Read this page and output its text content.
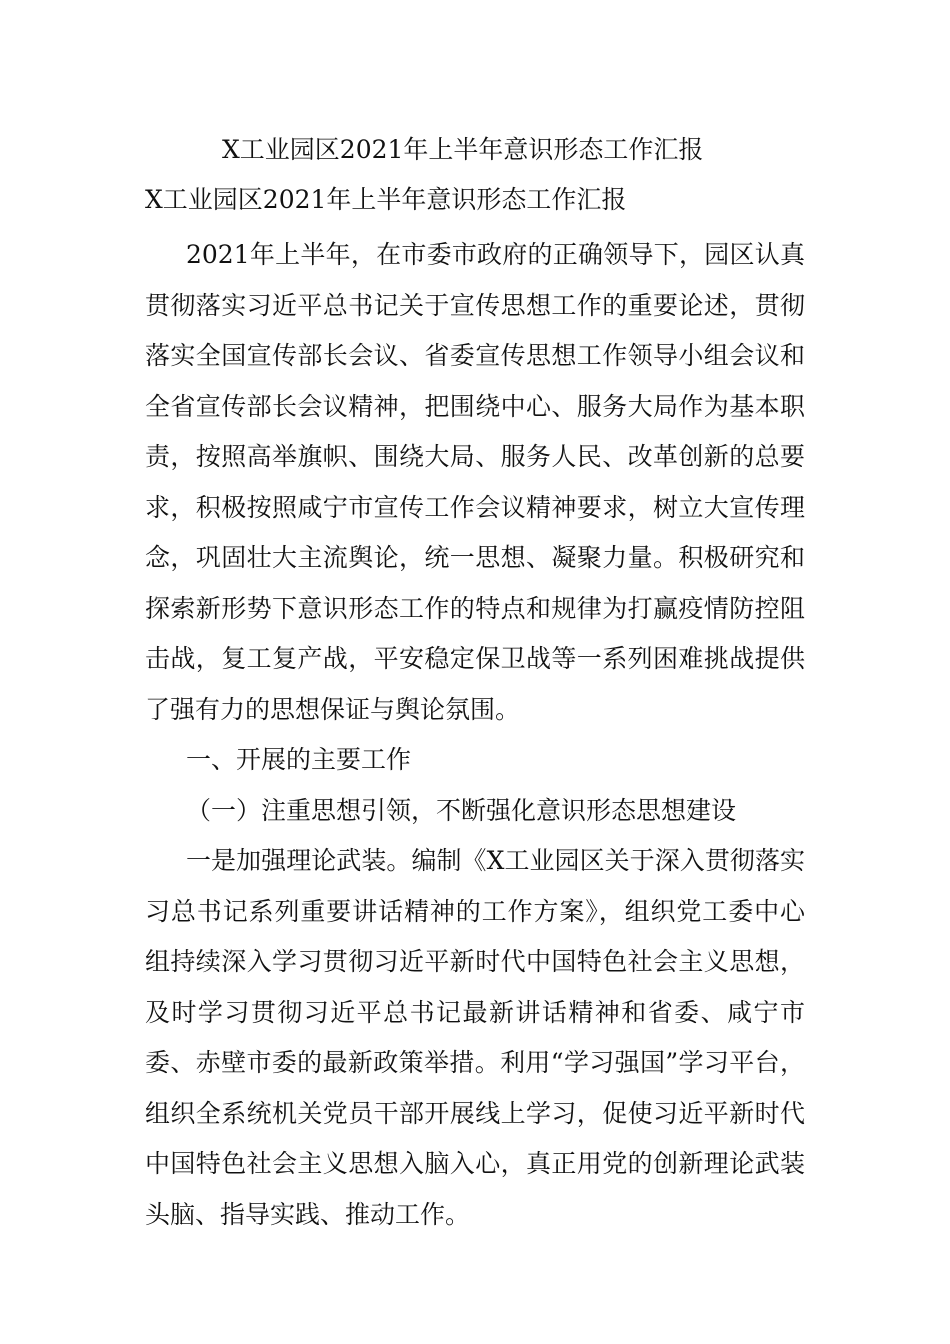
X工业园区2021年上半年意识形态工作汇报
X工业园区2021年上半年意识形态工作汇报

2021年上半年，在市委市政府的正确领导下，园区认真贯彻落实习近平总书记关于宣传思想工作的重要论述，贯彻落实全国宣传部长会议、省委宣传思想工作领导小组会议和全省宣传部长会议精神，把围绕中心、服务大局作为基本职责，按照高举旗帜、围绕大局、服务人民、改革创新的总要求，积极按照咸宁市宣传工作会议精神要求，树立大宣传理念，巩固壮大主流舆论，统一思想、凝聚力量。积极研究和探索新形势下意识形态工作的特点和规律为打赢疫情防控阻击战，复工复产战，平安稳定保卫战等一系列困难挑战提供了强有力的思想保证与舆论氛围。

一、开展的主要工作

（一）注重思想引领，不断强化意识形态思想建设

一是加强理论武装。编制《X工业园区关于深入贯彻落实习总书记系列重要讲话精神的工作方案》，组织党工委中心组持续深入学习贯彻习近平新时代中国特色社会主义思想，及时学习贯彻习近平总书记最新讲话精神和省委、咸宁市委、赤壁市委的最新政策举措。利用“学习强国”学习平台，组织全系统机关党员干部开展线上学习，促使习近平新时代中国特色社会主义思想入脑入心，真正用党的创新理论武装头脑、指导实践、推动工作。
